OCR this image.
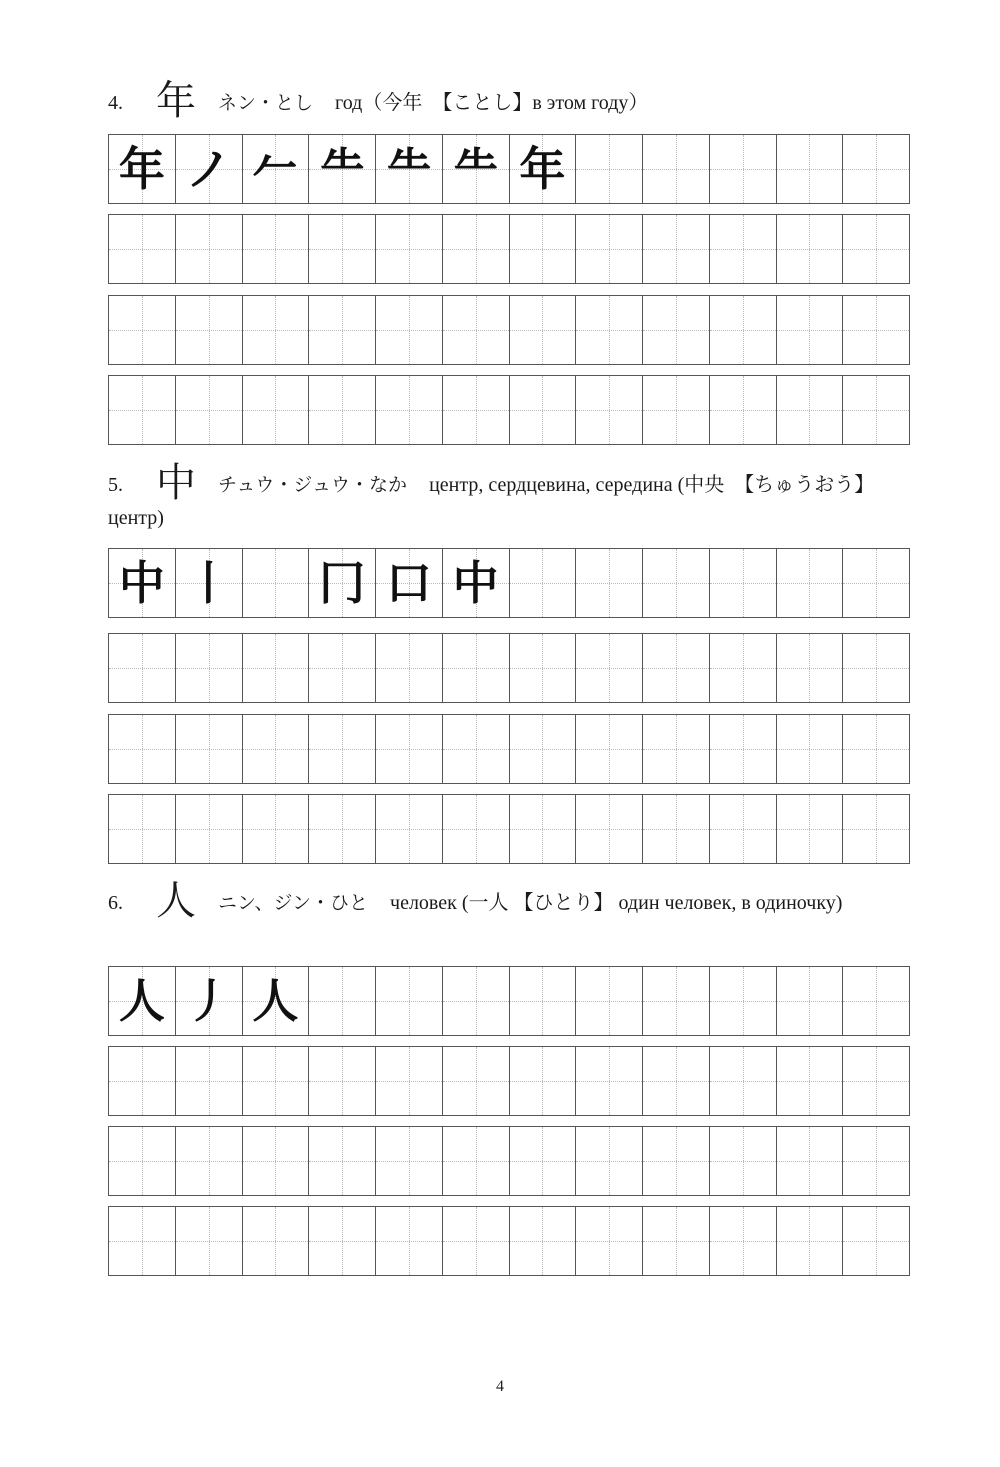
4. 年 ネン・とし год（今年　【ことし】в этом году）
年 ノ 𠂉 ⺧ ⺧ ⺧ 年
5. 中 チュウ・ジュウ・なか центр, сердцевина, середина (中央　【ちゅうおう】центр)
中 丨 冂 口 中
6. 人 ニン、ジン・ひと человек (一人 【ひとり】 один человек, в одиночку)
人 丿 人
4
